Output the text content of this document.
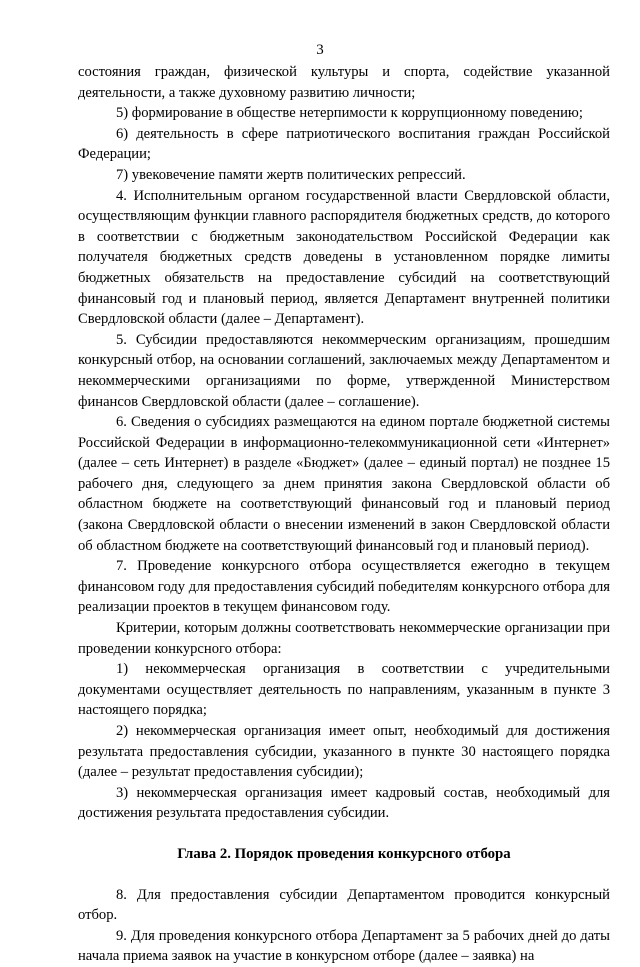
3

состояния граждан, физической культуры и спорта, содействие указанной деятельности, а также духовному развитию личности;

5) формирование в обществе нетерпимости к коррупционному поведению;

6) деятельность в сфере патриотического воспитания граждан Российской Федерации;

7) увековечение памяти жертв политических репрессий.

4. Исполнительным органом государственной власти Свердловской области, осуществляющим функции главного распорядителя бюджетных средств, до которого в соответствии с бюджетным законодательством Российской Федерации как получателя бюджетных средств доведены в установленном порядке лимиты бюджетных обязательств на предоставление субсидий на соответствующий финансовый год и плановый период, является Департамент внутренней политики Свердловской области (далее – Департамент).

5. Субсидии предоставляются некоммерческим организациям, прошедшим конкурсный отбор, на основании соглашений, заключаемых между Департаментом и некоммерческими организациями по форме, утвержденной Министерством финансов Свердловской области (далее – соглашение).

6. Сведения о субсидиях размещаются на едином портале бюджетной системы Российской Федерации в информационно-телекоммуникационной сети «Интернет» (далее – сеть Интернет) в разделе «Бюджет» (далее – единый портал) не позднее 15 рабочего дня, следующего за днем принятия закона Свердловской области об областном бюджете на соответствующий финансовый год и плановый период (закона Свердловской области о внесении изменений в закон Свердловской области об областном бюджете на соответствующий финансовый год и плановый период).

7. Проведение конкурсного отбора осуществляется ежегодно в текущем финансовом году для предоставления субсидий победителям конкурсного отбора для реализации проектов в текущем финансовом году.

Критерии, которым должны соответствовать некоммерческие организации при проведении конкурсного отбора:

1) некоммерческая организация в соответствии с учредительными документами осуществляет деятельность по направлениям, указанным в пункте 3 настоящего порядка;

2) некоммерческая организация имеет опыт, необходимый для достижения результата предоставления субсидии, указанного в пункте 30 настоящего порядка (далее – результат предоставления субсидии);

3) некоммерческая организация имеет кадровый состав, необходимый для достижения результата предоставления субсидии.

Глава 2. Порядок проведения конкурсного отбора

8. Для предоставления субсидии Департаментом проводится конкурсный отбор.

9. Для проведения конкурсного отбора Департамент за 5 рабочих дней до даты начала приема заявок на участие в конкурсном отборе (далее – заявка) на
